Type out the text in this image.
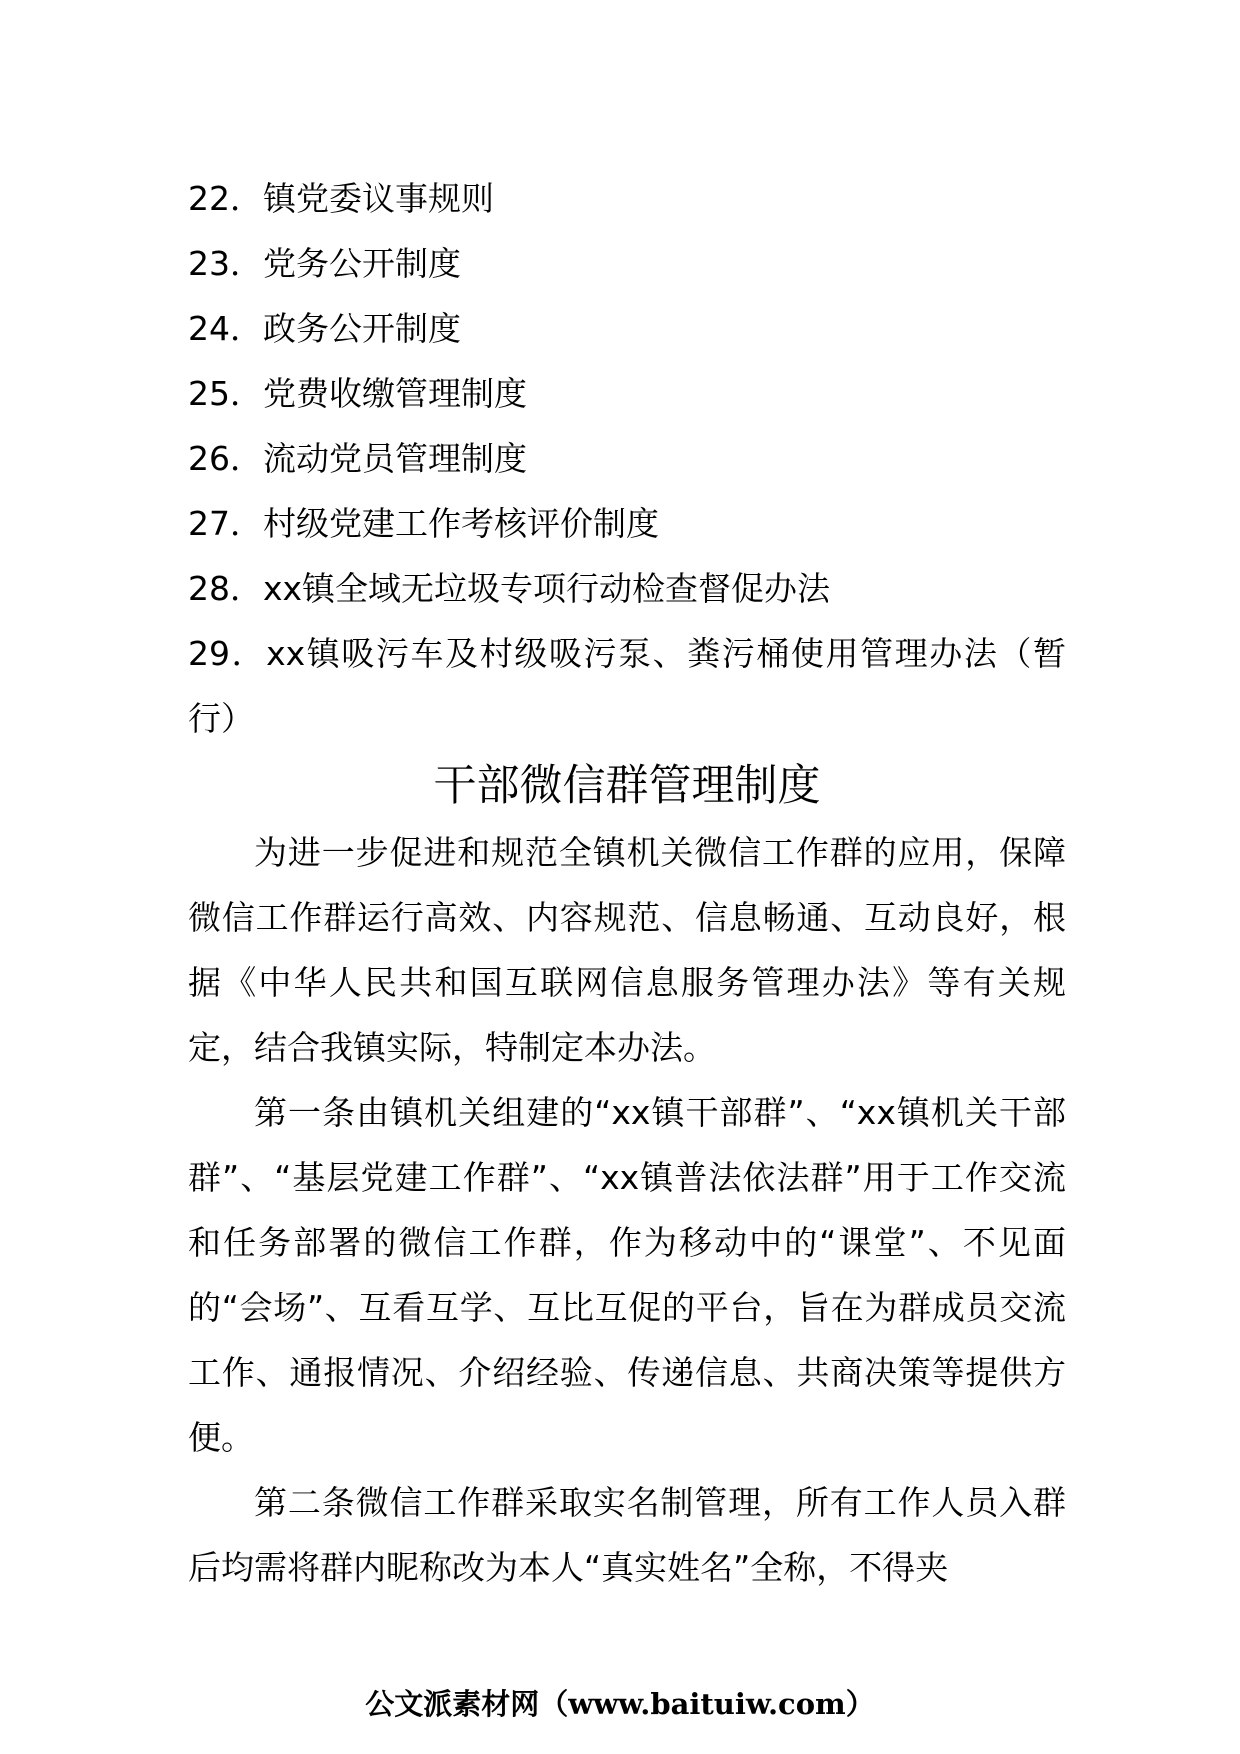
22．镇党委议事规则
23．党务公开制度
24．政务公开制度
25．党费收缴管理制度
26．流动党员管理制度
27．村级党建工作考核评价制度
28．xx镇全域无垃圾专项行动检查督促办法
29．xx镇吸污车及村级吸污泵、粪污桶使用管理办法（暂行）
干部微信群管理制度

为进一步促进和规范全镇机关微信工作群的应用，保障微信工作群运行高效、内容规范、信息畅通、互动良好，根据《中华人民共和国互联网信息服务管理办法》等有关规定，结合我镇实际，特制定本办法。

第一条由镇机关组建的“xx镇干部群”、“xx镇机关干部群”、“基层党建工作群”、“xx镇普法依法群”用于工作交流和任务部署的微信工作群，作为移动中的“课堂”、不见面的“会场”、互看互学、互比互促的平台，旨在为群成员交流工作、通报情况、介绍经验、传递信息、共商决策等提供方便。

第二条微信工作群采取实名制管理，所有工作人员入群后均需将群内昵称改为本人“真实姓名”全称，不得夹

公文派素材网（www.baituiw.com）
